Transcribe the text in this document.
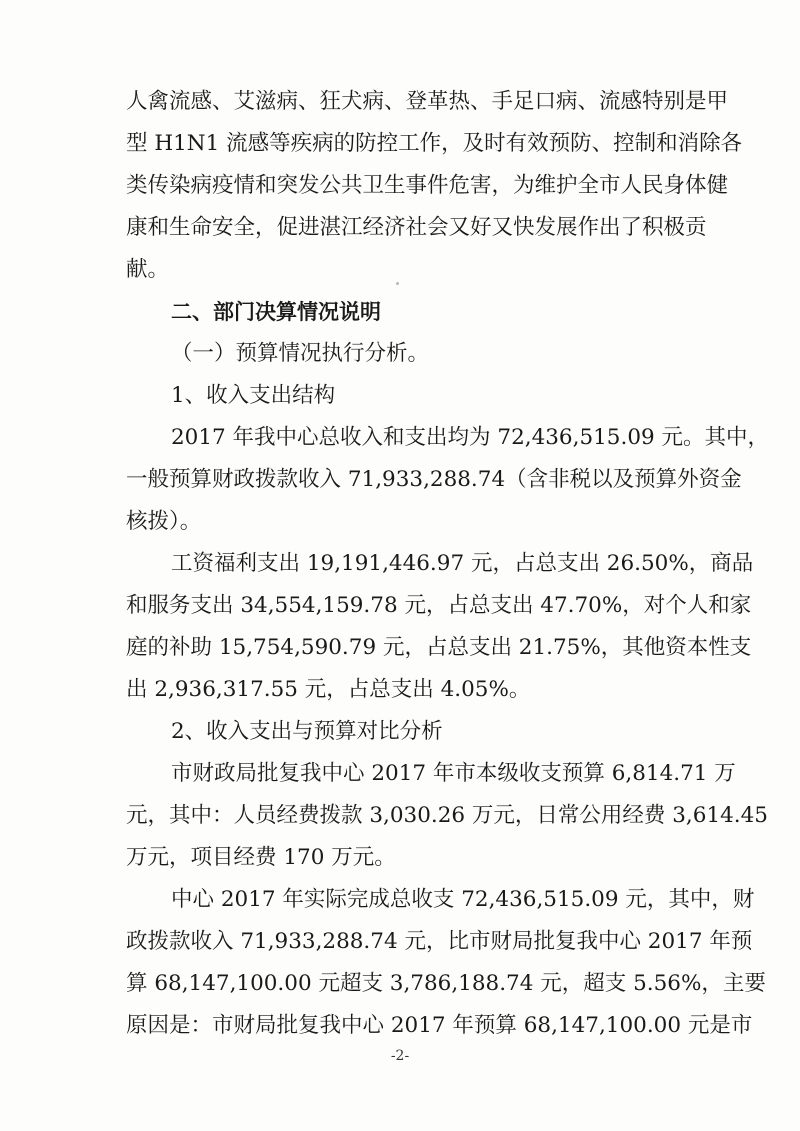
人禽流感、艾滋病、狂犬病、登革热、手足口病、流感特别是甲
型 H1N1 流感等疾病的防控工作，及时有效预防、控制和消除各
类传染病疫情和突发公共卫生事件危害，为维护全市人民身体健
康和生命安全，促进湛江经济社会又好又快发展作出了积极贡
献。
二、部门决算情况说明
（一）预算情况执行分析。
1、收入支出结构
2017 年我中心总收入和支出均为 72,436,515.09 元。其中，
一般预算财政拨款收入 71,933,288.74（含非税以及预算外资金
核拨）。
工资福利支出 19,191,446.97 元，占总支出 26.50%，商品
和服务支出 34,554,159.78 元，占总支出 47.70%，对个人和家
庭的补助 15,754,590.79 元，占总支出 21.75%，其他资本性支
出 2,936,317.55 元，占总支出 4.05%。
2、收入支出与预算对比分析
市财政局批复我中心 2017 年市本级收支预算 6,814.71 万
元，其中：人员经费拨款 3,030.26 万元，日常公用经费 3,614.45
万元，项目经费 170 万元。
中心 2017 年实际完成总收支 72,436,515.09 元，其中，财
政拨款收入 71,933,288.74 元，比市财局批复我中心 2017 年预
算 68,147,100.00 元超支 3,786,188.74 元，超支 5.56%，主要
原因是：市财局批复我中心 2017 年预算 68,147,100.00 元是市
-2-
